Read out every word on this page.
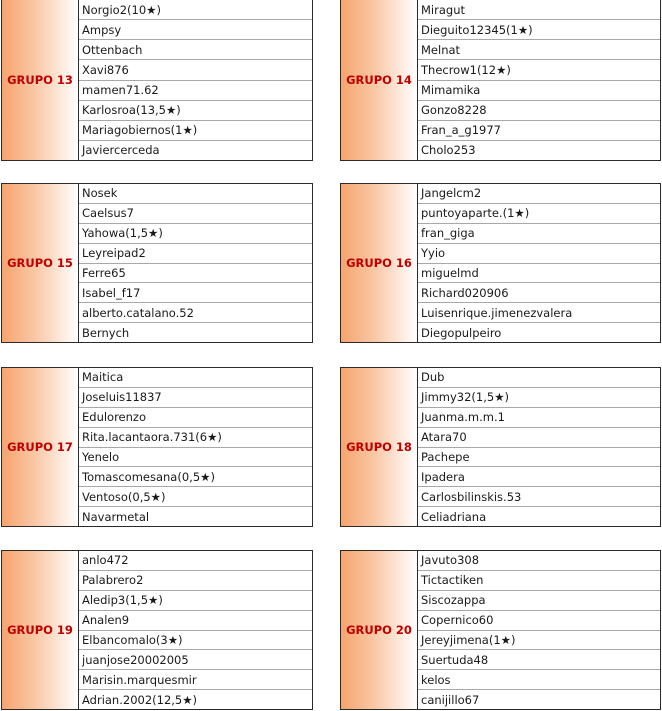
GRUPO 13
Norgio2(10★)
Ampsy
Ottenbach
Xavi876
mamen71.62
Karlosroa(13,5★)
Mariagobiernos(1★)
Javiercerceda
GRUPO 14
Miragut
Dieguito12345(1★)
Melnat
Thecrow1(12★)
Mimamika
Gonzo8228
Fran_a_g1977
Cholo253
GRUPO 15
Nosek
Caelsus7
Yahowa(1,5★)
Leyreipad2
Ferre65
Isabel_f17
alberto.catalano.52
Bernych
GRUPO 16
Jangelcm2
puntoyaparte.(1★)
fran_giga
Yyio
miguelmd
Richard020906
Luisenrique.jimenezvalera
Diegopulpeiro
GRUPO 17
Maitica
Joseluis11837
Edulorenzo
Rita.lacantaora.731(6★)
Yenelo
Tomascomesana(0,5★)
Ventoso(0,5★)
Navarmetal
GRUPO 18
Dub
Jimmy32(1,5★)
Juanma.m.m.1
Atara70
Pachepe
Ipadera
Carlosbilinskis.53
Celiadriana
GRUPO 19
anlo472
Palabrero2
Aledip3(1,5★)
Analen9
Elbancomalo(3★)
juanjose20002005
Marisin.marquesmir
Adrian.2002(12,5★)
GRUPO 20
Javuto308
Tictactiken
Siscozappa
Copernico60
Jereyjimena(1★)
Suertuda48
kelos
canijillo67
